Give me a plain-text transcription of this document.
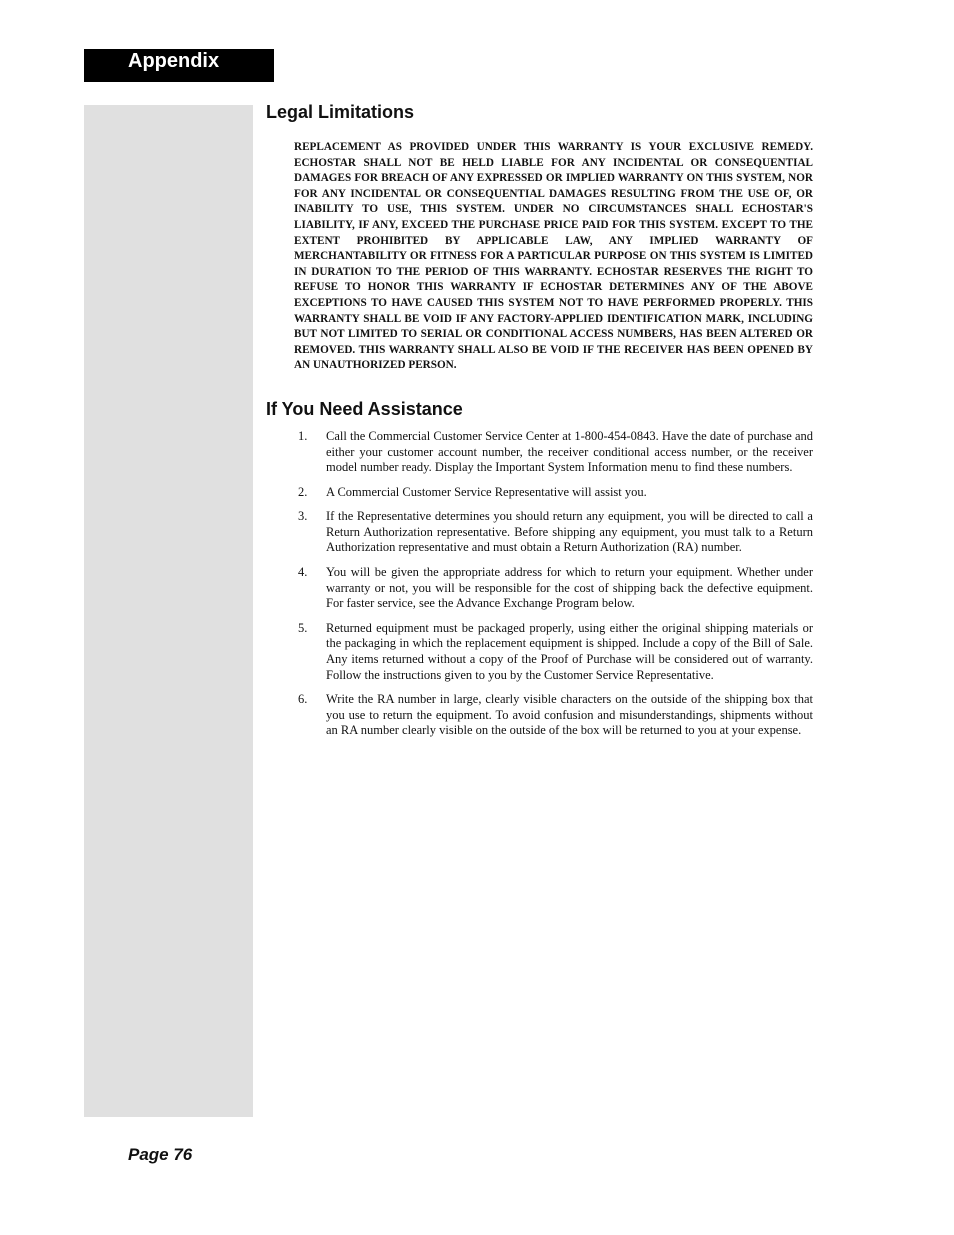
Appendix
Legal Limitations

REPLACEMENT AS PROVIDED UNDER THIS WARRANTY IS YOUR EXCLUSIVE REMEDY. ECHOSTAR SHALL NOT BE HELD LIABLE FOR ANY INCIDENTAL OR CONSEQUENTIAL DAMAGES FOR BREACH OF ANY EXPRESSED OR IMPLIED WARRANTY ON THIS SYSTEM, NOR FOR ANY INCIDENTAL OR CONSEQUENTIAL DAMAGES RESULTING FROM THE USE OF, OR INABILITY TO USE, THIS SYSTEM. UNDER NO CIRCUMSTANCES SHALL ECHOSTAR'S LIABILITY, IF ANY, EXCEED THE PURCHASE PRICE PAID FOR THIS SYSTEM. EXCEPT TO THE EXTENT PROHIBITED BY APPLICABLE LAW, ANY IMPLIED WARRANTY OF MERCHANTABILITY OR FITNESS FOR A PARTICULAR PURPOSE ON THIS SYSTEM IS LIMITED IN DURATION TO THE PERIOD OF THIS WARRANTY. ECHOSTAR RESERVES THE RIGHT TO REFUSE TO HONOR THIS WARRANTY IF ECHOSTAR DETERMINES ANY OF THE ABOVE EXCEPTIONS TO HAVE CAUSED THIS SYSTEM NOT TO HAVE PERFORMED PROPERLY. THIS WARRANTY SHALL BE VOID IF ANY FACTORY-APPLIED IDENTIFICATION MARK, INCLUDING BUT NOT LIMITED TO SERIAL OR CONDITIONAL ACCESS NUMBERS, HAS BEEN ALTERED OR REMOVED. THIS WARRANTY SHALL ALSO BE VOID IF THE RECEIVER HAS BEEN OPENED BY AN UNAUTHORIZED PERSON.

If You Need Assistance
1. Call the Commercial Customer Service Center at 1-800-454-0843. Have the date of purchase and either your customer account number, the receiver conditional access number, or the receiver model number ready. Display the Important System Information menu to find these numbers.
2. A Commercial Customer Service Representative will assist you.
3. If the Representative determines you should return any equipment, you will be directed to call a Return Authorization representative. Before shipping any equipment, you must talk to a Return Authorization representative and must obtain a Return Authorization (RA) number.
4. You will be given the appropriate address for which to return your equipment. Whether under warranty or not, you will be responsible for the cost of shipping back the defective equipment. For faster service, see the Advance Exchange Program below.
5. Returned equipment must be packaged properly, using either the original shipping materials or the packaging in which the replacement equipment is shipped. Include a copy of the Bill of Sale. Any items returned without a copy of the Proof of Purchase will be considered out of warranty. Follow the instructions given to you by the Customer Service Representative.
6. Write the RA number in large, clearly visible characters on the outside of the shipping box that you use to return the equipment. To avoid confusion and misunderstandings, shipments without an RA number clearly visible on the outside of the box will be returned to you at your expense.
Page 76
